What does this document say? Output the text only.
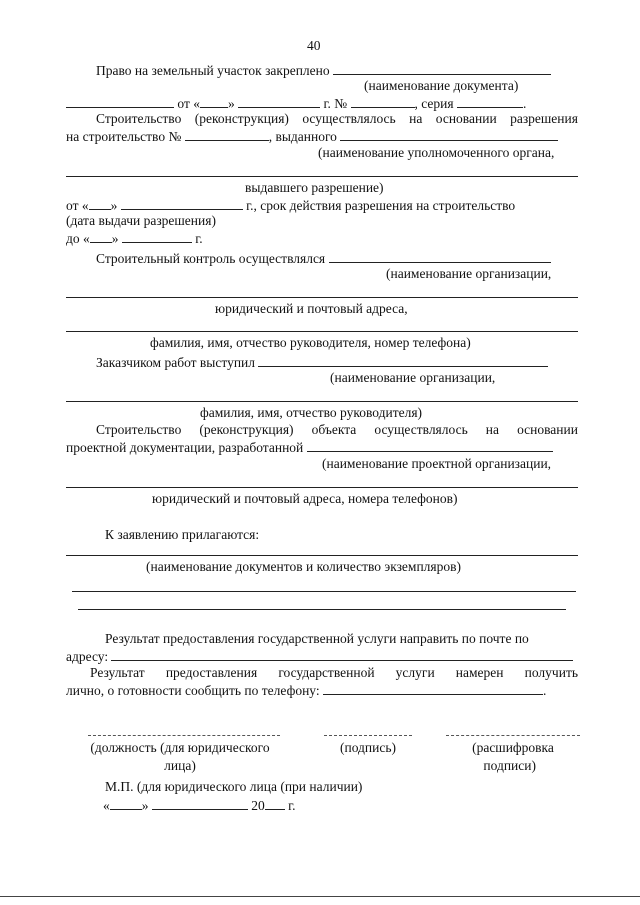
40
Право на земельный участок закреплено
(наименование документа)
от « »	г. №	, серия	.
Строительство (реконструкция) осуществлялось на основании разрешения
на строительство №	, выданного
(наименование уполномоченного органа,
выдавшего разрешение)
от « »	г., срок действия разрешения на строительство
(дата выдачи разрешения)
до « »	г.
Строительный контроль осуществлялся
(наименование организации,
юридический и почтовый адреса,
фамилия, имя, отчество руководителя, номер телефона)
Заказчиком работ выступил
(наименование организации,
фамилия, имя, отчество руководителя)
Строительство (реконструкция) объекта осуществлялось на основании
проектной документации, разработанной
(наименование проектной организации,
юридический и почтовый адреса, номера телефонов)
К заявлению прилагаются:
(наименование документов и количество экземпляров)
Результат предоставления государственной услуги направить по почте по
адресу:
Результат предоставления государственной услуги намерен получить
лично, о готовности сообщить по телефону:	.
(должность (для юридического
лица)
(подпись)	(расшифровка
подписи)
М.П. (для юридического лица (при наличии)
« »	20 г.
